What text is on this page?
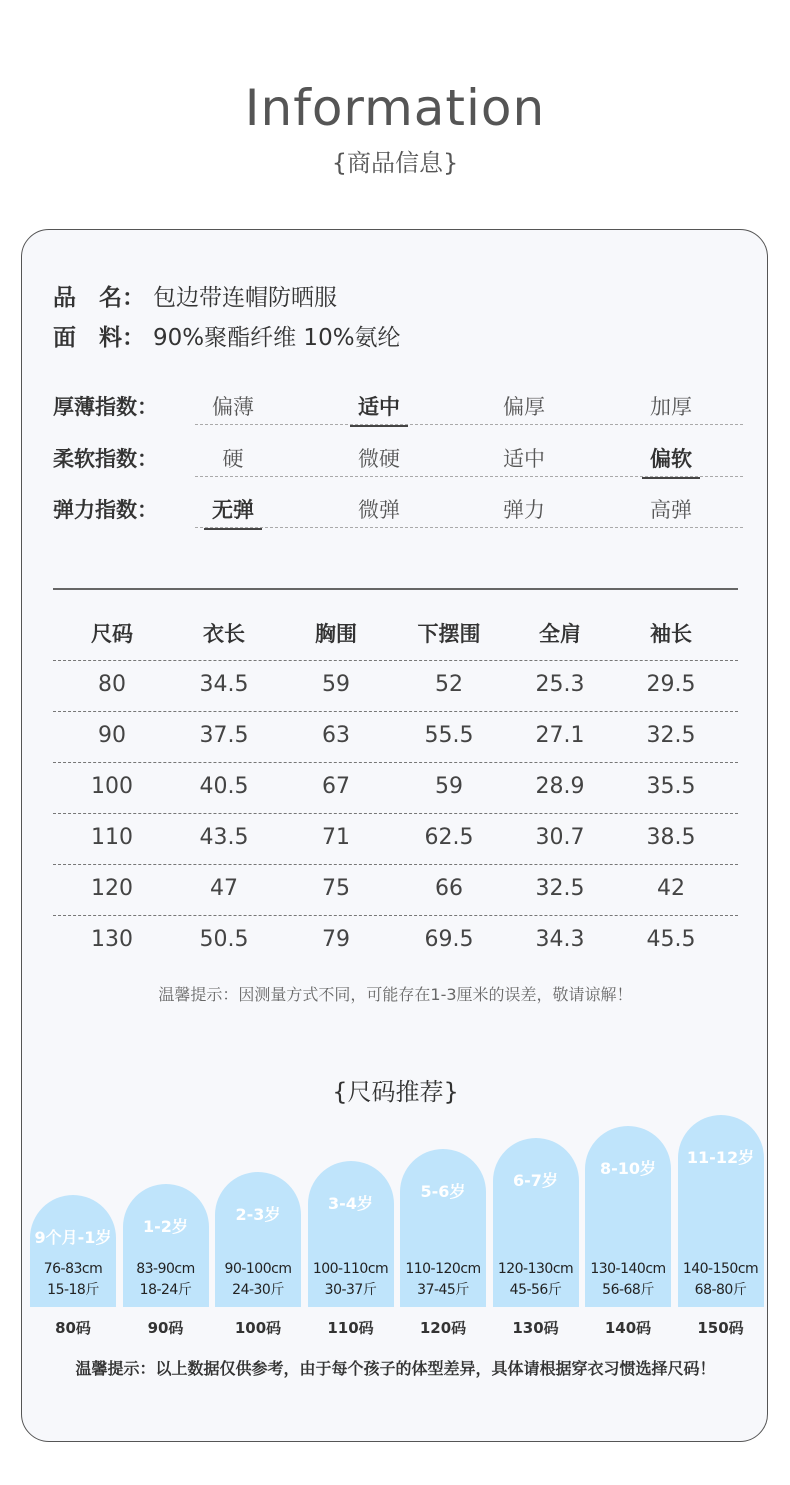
Information
{商品信息}
品　名： 包边带连帽防晒服
面　料： 90%聚酯纤维 10%氨纶
厚薄指数：	偏薄	适中	偏厚	加厚
柔软指数：	硬	微硬	适中	偏软
弹力指数：	无弹	微弹	弹力	高弹
尺码	衣长	胸围	下摆围	全肩	袖长
80	34.5	59	52	25.3	29.5
90	37.5	63	55.5	27.1	32.5
100	40.5	67	59	28.9	35.5
110	43.5	71	62.5	30.7	38.5
120	47	75	66	32.5	42
130	50.5	79	69.5	34.3	45.5
温馨提示：因测量方式不同，可能存在1-3厘米的误差，敬请谅解！
{尺码推荐}
9个月-1岁
76-83cm
15-18斤
80码
1-2岁
83-90cm
18-24斤
90码
2-3岁
90-100cm
24-30斤
100码
3-4岁
100-110cm
30-37斤
110码
5-6岁
110-120cm
37-45斤
120码
6-7岁
120-130cm
45-56斤
130码
8-10岁
130-140cm
56-68斤
140码
11-12岁
140-150cm
68-80斤
150码
温馨提示：以上数据仅供参考，由于每个孩子的体型差异，具体请根据穿衣习惯选择尺码！
